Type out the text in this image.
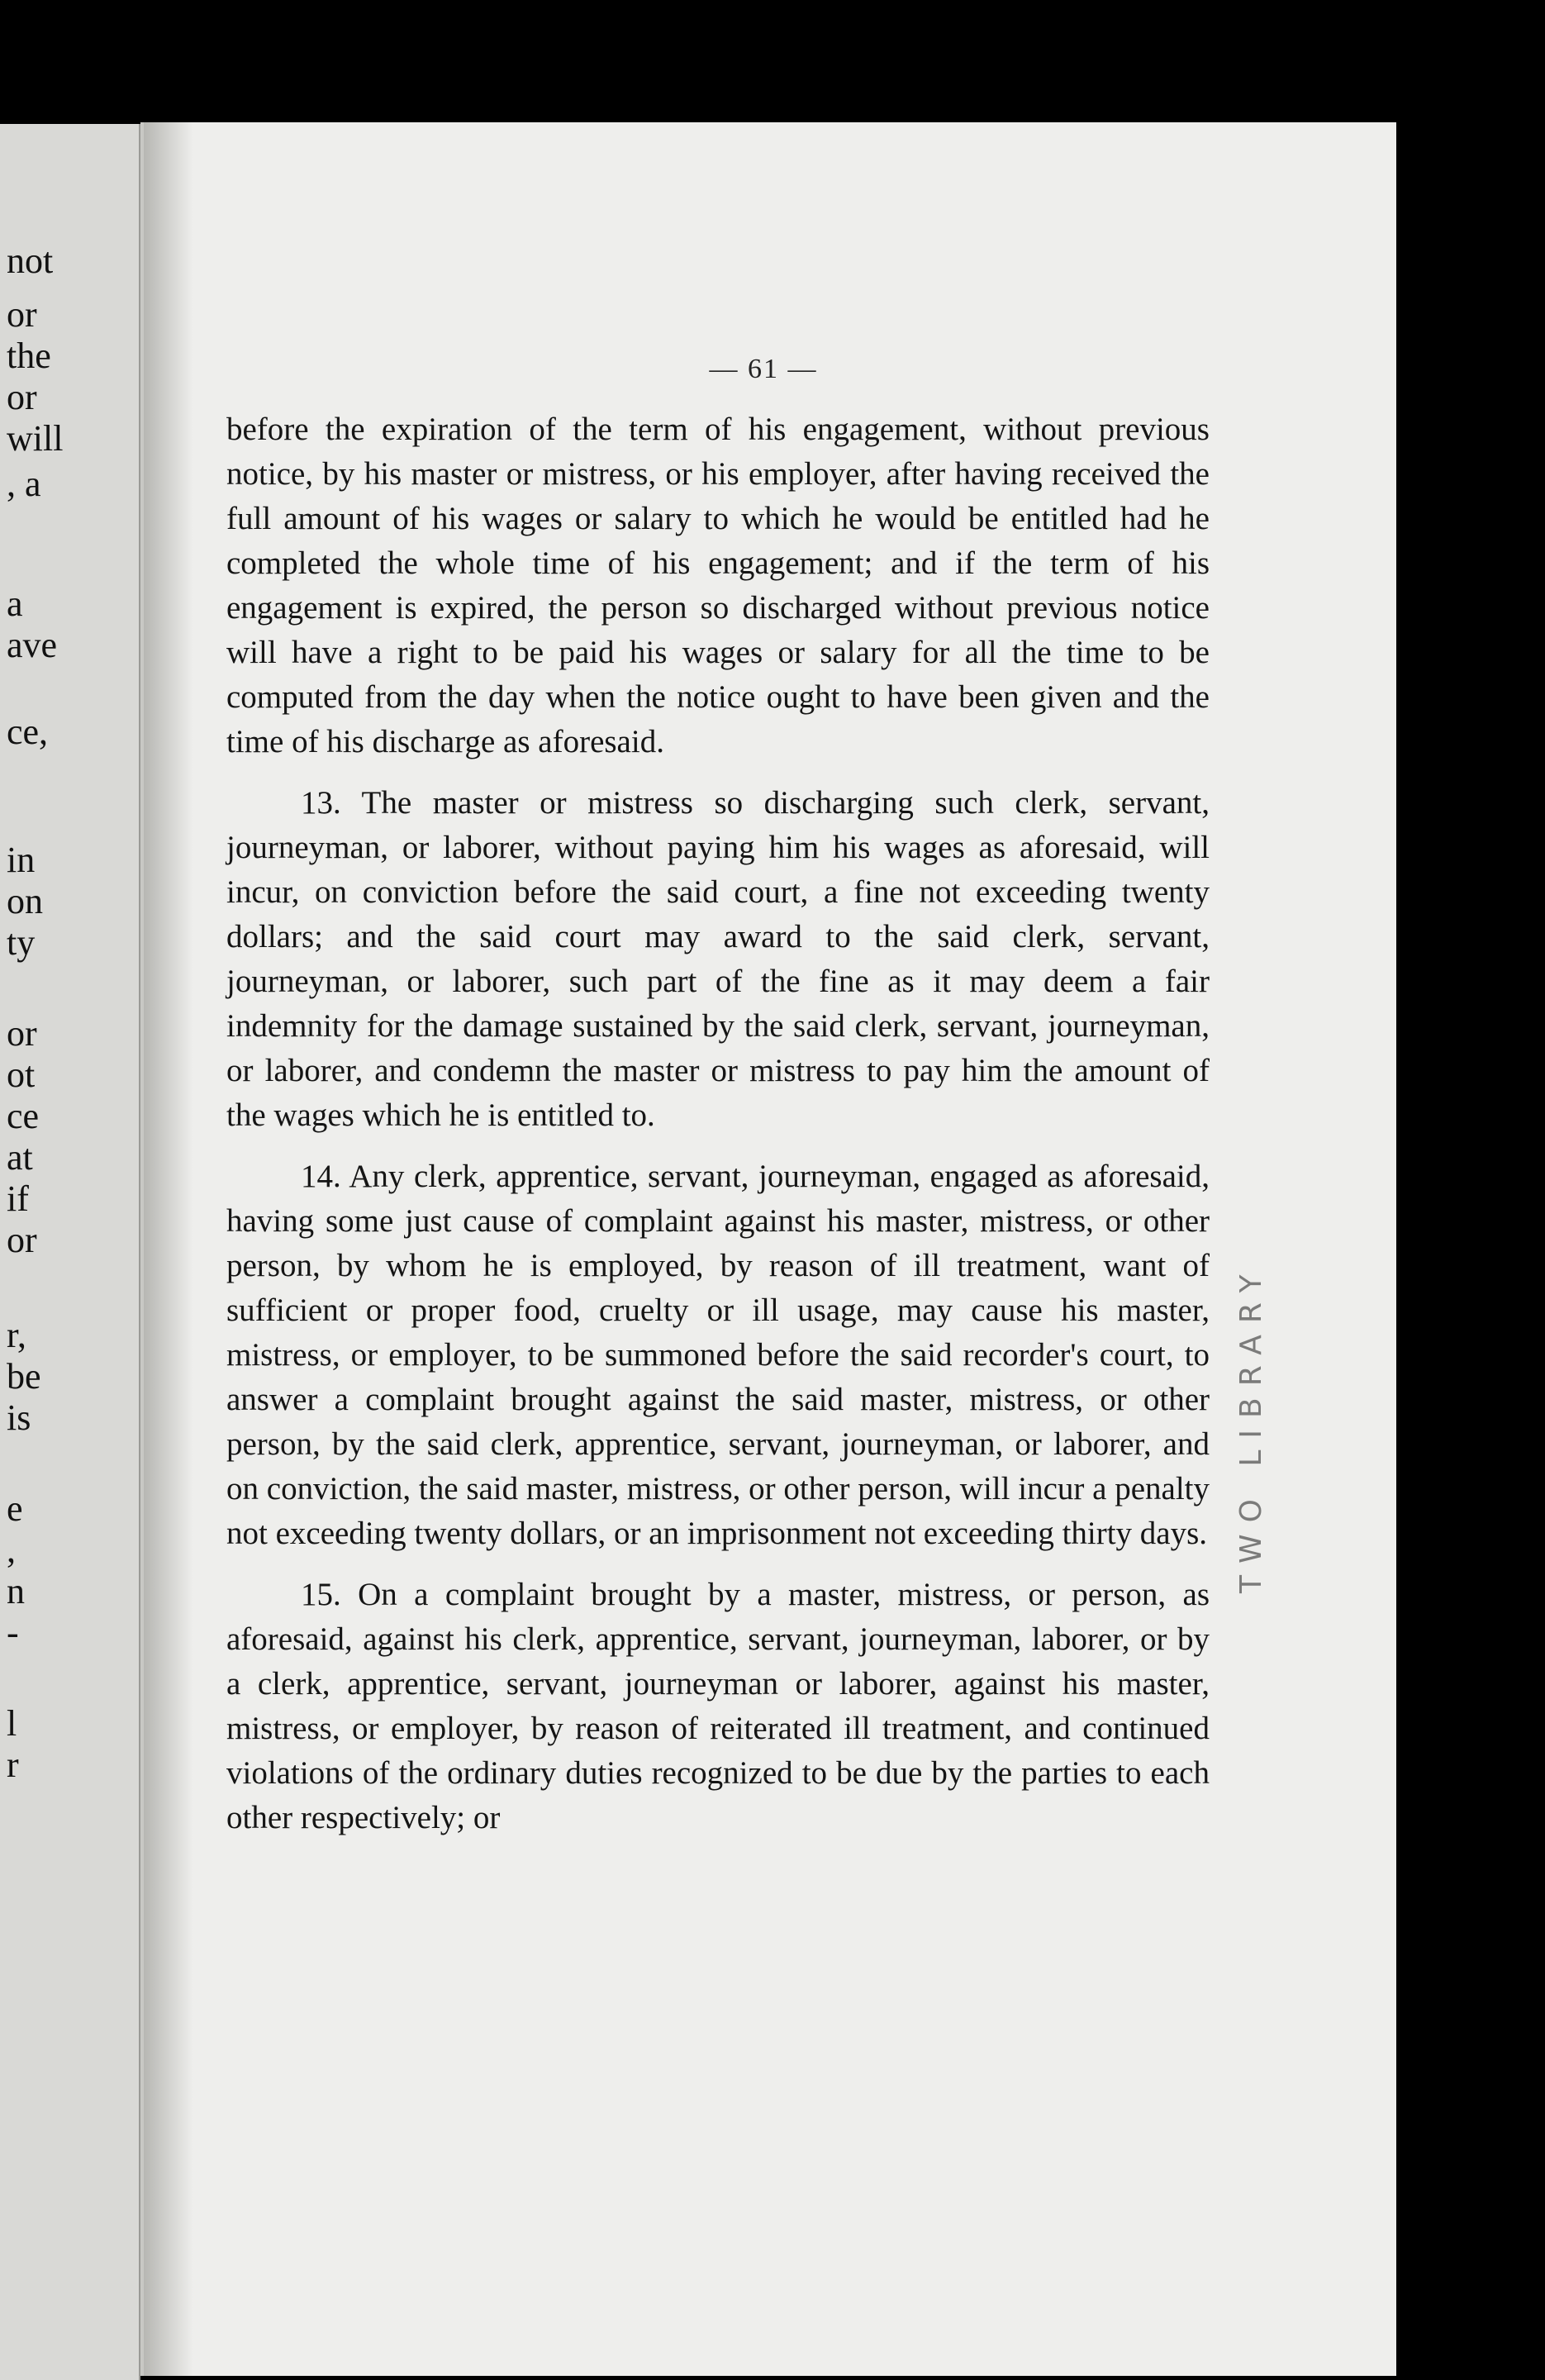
not
or
the
or
will
, a
a
ave
ce,
in
on
ty
or
ot
ce
at
if
or
r,
be
is
e
,
n
-
l
r
— 61 —

before the expiration of the term of his engagement, without previous notice, by his master or mistress, or his employer, after having received the full amount of his wages or salary to which he would be entitled had he completed the whole time of his engagement; and if the term of his engagement is expired, the person so discharged without previous notice will have a right to be paid his wages or salary for all the time to be computed from the day when the notice ought to have been given and the time of his discharge as aforesaid.

13. The master or mistress so discharging such clerk, servant, journeyman, or laborer, without paying him his wages as aforesaid, will incur, on conviction before the said court, a fine not exceeding twenty dollars; and the said court may award to the said clerk, servant, journeyman, or laborer, such part of the fine as it may deem a fair indemnity for the damage sustained by the said clerk, servant, journeyman, or laborer, and condemn the master or mistress to pay him the amount of the wages which he is entitled to.

14. Any clerk, apprentice, servant, journeyman, engaged as aforesaid, having some just cause of complaint against his master, mistress, or other person, by whom he is employed, by reason of ill treatment, want of sufficient or proper food, cruelty or ill usage, may cause his master, mistress, or employer, to be summoned before the said recorder's court, to answer a complaint brought against the said master, mistress, or other person, by the said clerk, apprentice, servant, journeyman, or laborer, and on conviction, the said master, mistress, or other person, will incur a penalty not exceeding twenty dollars, or an imprisonment not exceeding thirty days.

15. On a complaint brought by a master, mistress, or person, as aforesaid, against his clerk, apprentice, servant, journeyman, laborer, or by a clerk, apprentice, servant, journeyman or laborer, against his master, mistress, or employer, by reason of reiterated ill treatment, and continued violations of the ordinary duties recognized to be due by the parties to each other respectively; or

TWO LIBRARY
